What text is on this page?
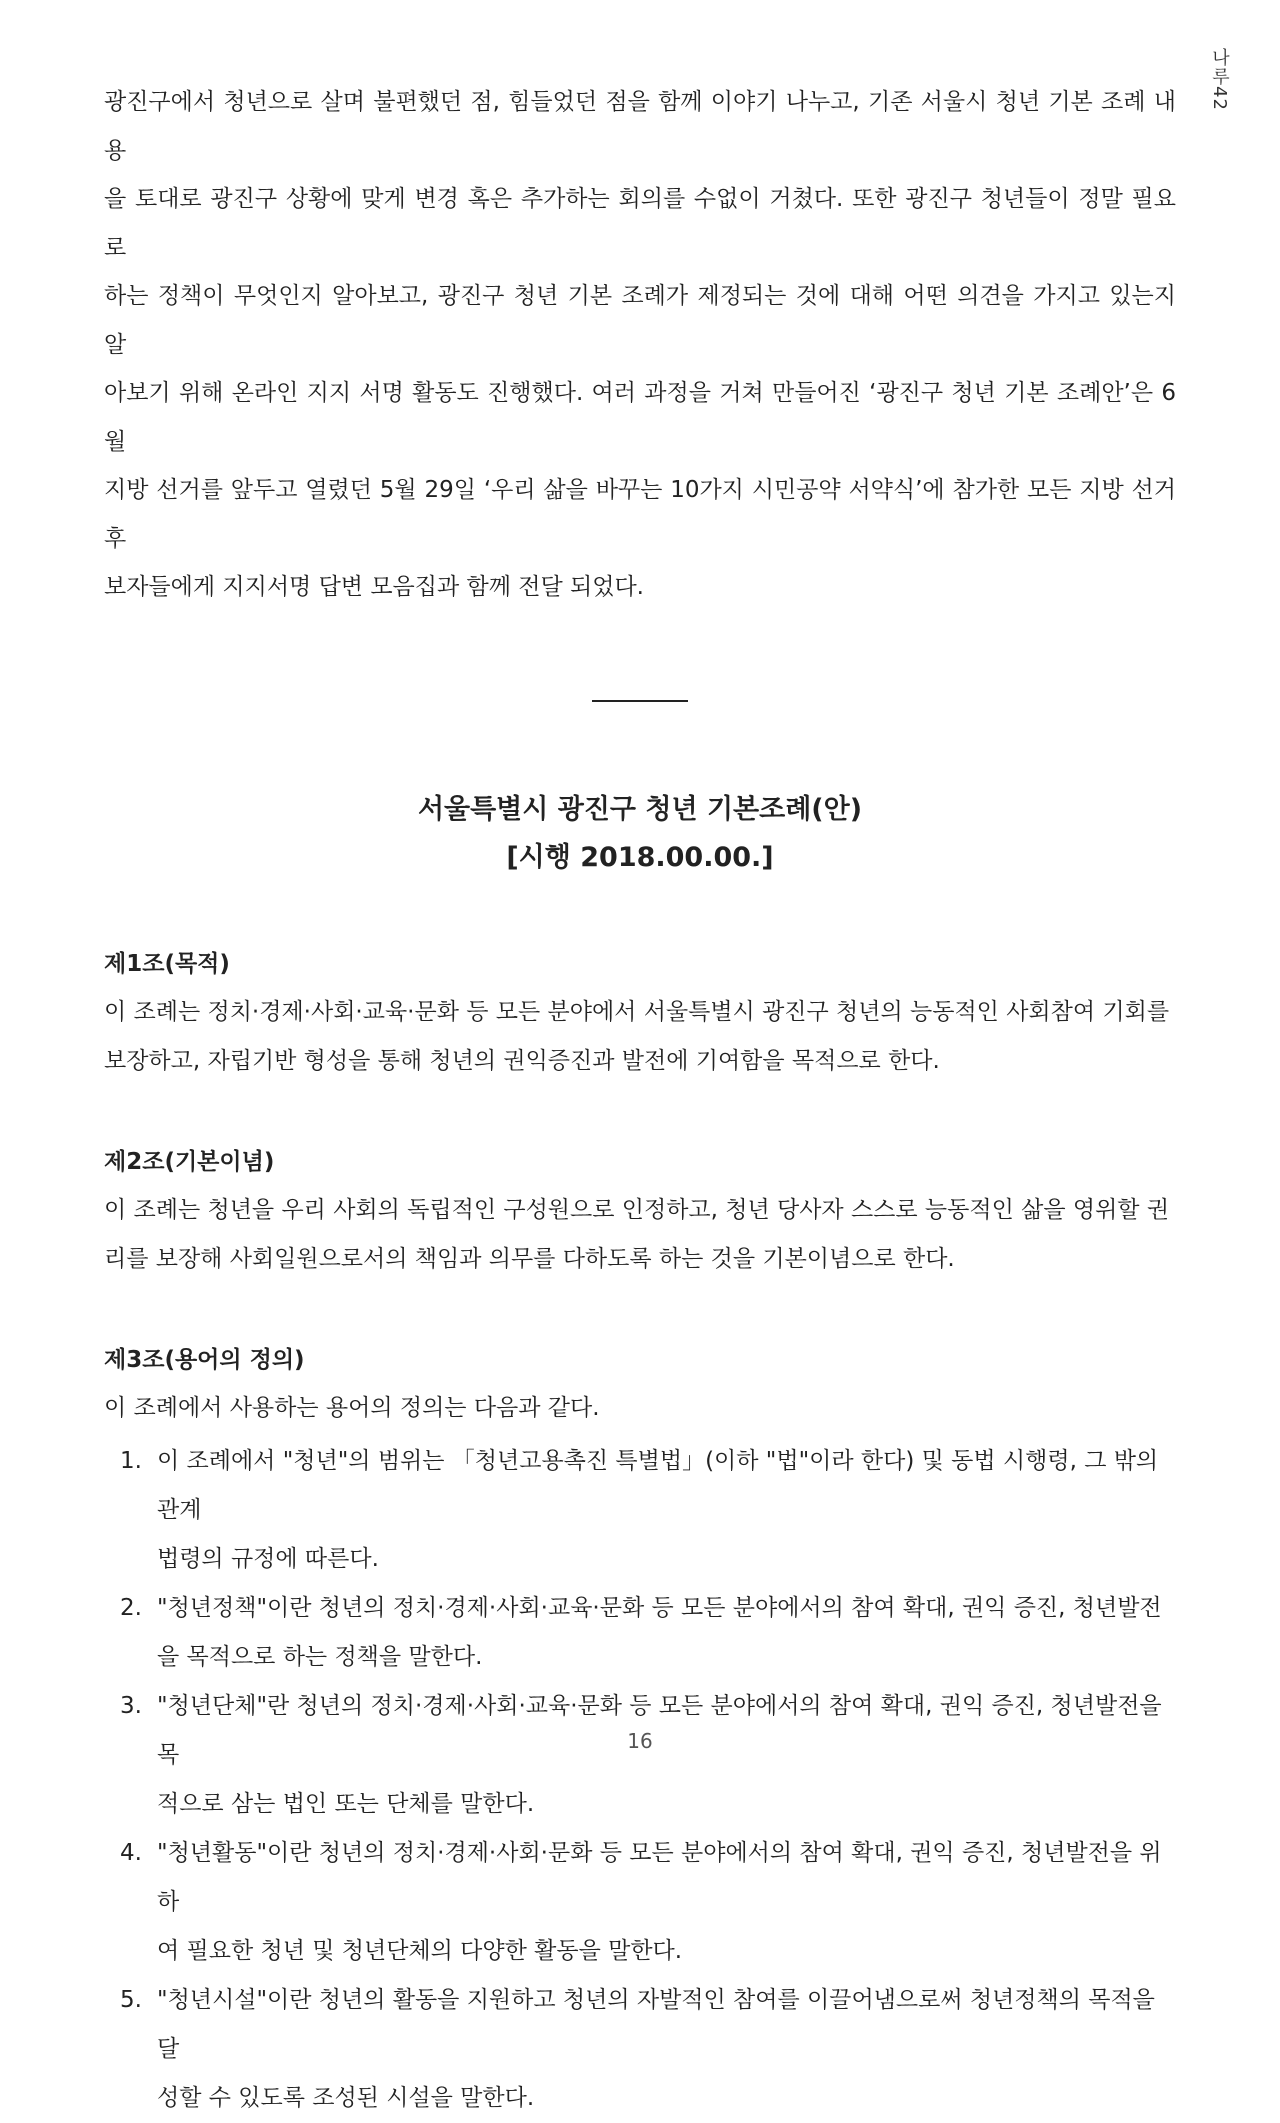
나루42

광진구에서 청년으로 살며 불편했던 점, 힘들었던 점을 함께 이야기 나누고, 기존 서울시 청년 기본 조례 내용

을 토대로 광진구 상황에 맞게 변경 혹은 추가하는 회의를 수없이 거쳤다. 또한 광진구 청년들이 정말 필요로

하는 정책이 무엇인지 알아보고, 광진구 청년 기본 조례가 제정되는 것에 대해 어떤 의견을 가지고 있는지 알

아보기 위해 온라인 지지 서명 활동도 진행했다. 여러 과정을 거쳐 만들어진 ‘광진구 청년 기본 조례안’은 6월

지방 선거를 앞두고 열렸던 5월 29일 ‘우리 삶을 바꾸는 10가지 시민공약 서약식’에 참가한 모든 지방 선거 후

보자들에게 지지서명 답변 모음집과 함께 전달 되었다.

서울특별시 광진구 청년 기본조례(안)
[시행 2018.00.00.]
제1조(목적)

이 조례는 정치·경제·사회·교육·문화 등 모든 분야에서 서울특별시 광진구 청년의 능동적인 사회참여 기회를

보장하고, 자립기반 형성을 통해 청년의 권익증진과 발전에 기여함을 목적으로 한다.

제2조(기본이념)

이 조례는 청년을 우리 사회의 독립적인 구성원으로 인정하고, 청년 당사자 스스로 능동적인 삶을 영위할 권

리를 보장해 사회일원으로서의 책임과 의무를 다하도록 하는 것을 기본이념으로 한다.

제3조(용어의 정의)

이 조례에서 사용하는 용어의 정의는 다음과 같다.

1. 이 조례에서 "청년"의 범위는 「청년고용촉진 특별법」(이하 "법"이라 한다) 및 동법 시행령, 그 밖의 관계
법령의 규정에 따른다.
2. "청년정책"이란 청년의 정치·경제·사회·교육·문화 등 모든 분야에서의 참여 확대, 권익 증진, 청년발전
을 목적으로 하는 정책을 말한다.
3. "청년단체"란 청년의 정치·경제·사회·교육·문화 등 모든 분야에서의 참여 확대, 권익 증진, 청년발전을 목
적으로 삼는 법인 또는 단체를 말한다.
4. "청년활동"이란 청년의 정치·경제·사회·문화 등 모든 분야에서의 참여 확대, 권익 증진, 청년발전을 위하
여 필요한 청년 및 청년단체의 다양한 활동을 말한다.
5. "청년시설"이란 청년의 활동을 지원하고 청년의 자발적인 참여를 이끌어냄으로써 청년정책의 목적을 달
성할 수 있도록 조성된 시설을 말한다.
16
